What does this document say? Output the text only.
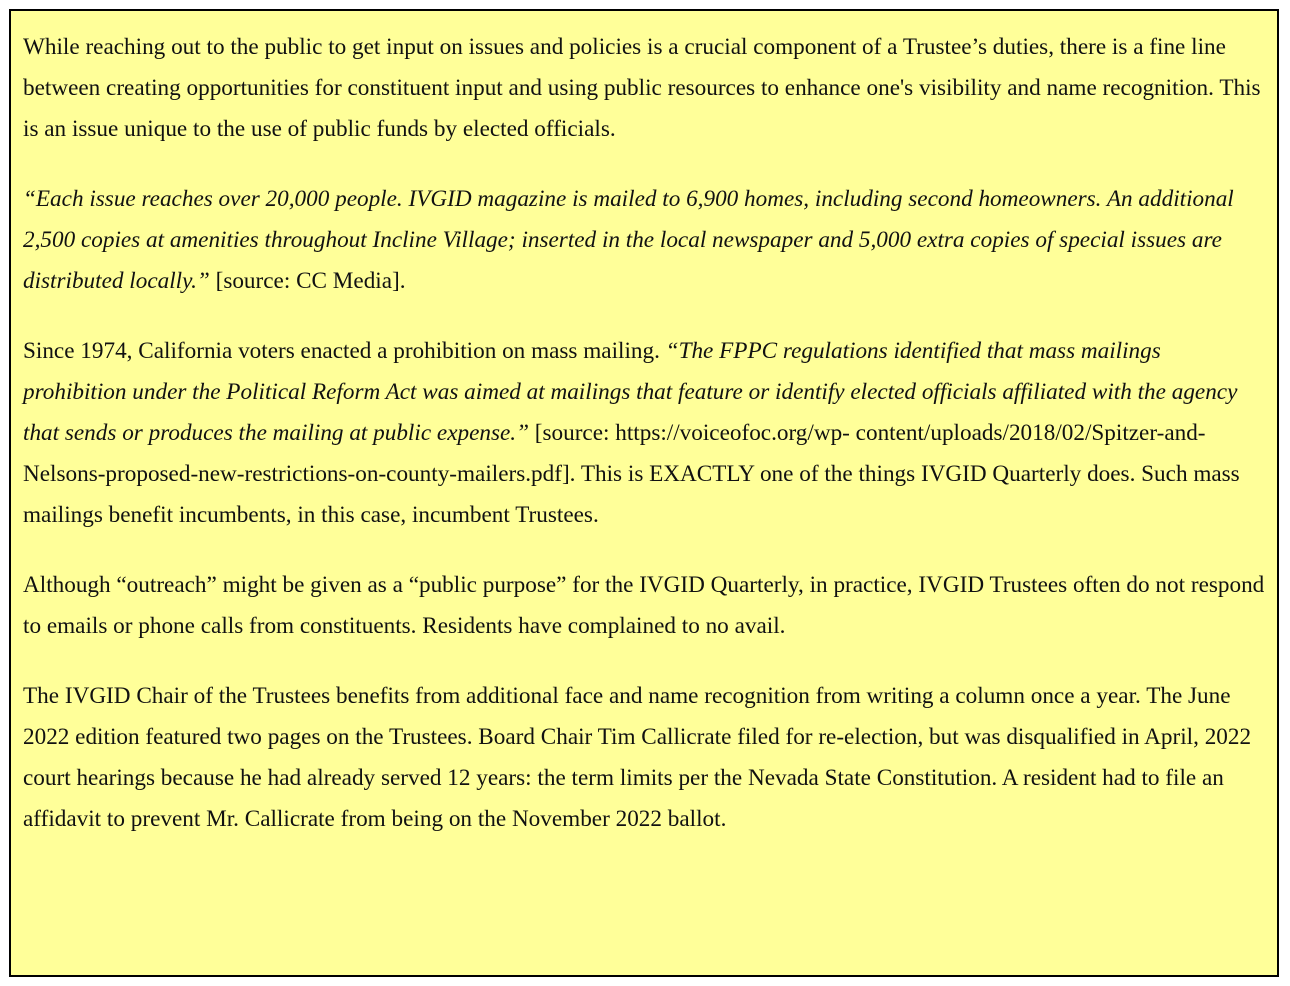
While reaching out to the public to get input on issues and policies is a crucial component of a Trustee’s duties, there is a fine line between creating opportunities for constituent input and using public resources to enhance one's visibility and name recognition. This is an issue unique to the use of public funds by elected officials.

“Each issue reaches over 20,000 people. IVGID magazine is mailed to 6,900 homes, including second homeowners. An additional 2,500 copies at amenities throughout Incline Village; inserted in the local newspaper and 5,000 extra copies of special issues are distributed locally.” [source: CC Media].

Since 1974, California voters enacted a prohibition on mass mailing. “The FPPC regulations identified that mass mailings prohibition under the Political Reform Act was aimed at mailings that feature or identify elected officials affiliated with the agency that sends or produces the mailing at public expense.” [source: https://voiceofoc.org/wp- content/uploads/2018/02/Spitzer-and-Nelsons-proposed-new-restrictions-on-county-mailers.pdf]. This is EXACTLY one of the things IVGID Quarterly does. Such mass mailings benefit incumbents, in this case, incumbent Trustees.

Although “outreach” might be given as a “public purpose” for the IVGID Quarterly, in practice, IVGID Trustees often do not respond to emails or phone calls from constituents. Residents have complained to no avail.

The IVGID Chair of the Trustees benefits from additional face and name recognition from writing a column once a year. The June 2022 edition featured two pages on the Trustees. Board Chair Tim Callicrate filed for re-election, but was disqualified in April, 2022 court hearings because he had already served 12 years: the term limits per the Nevada State Constitution. A resident had to file an affidavit to prevent Mr. Callicrate from being on the November 2022 ballot.
